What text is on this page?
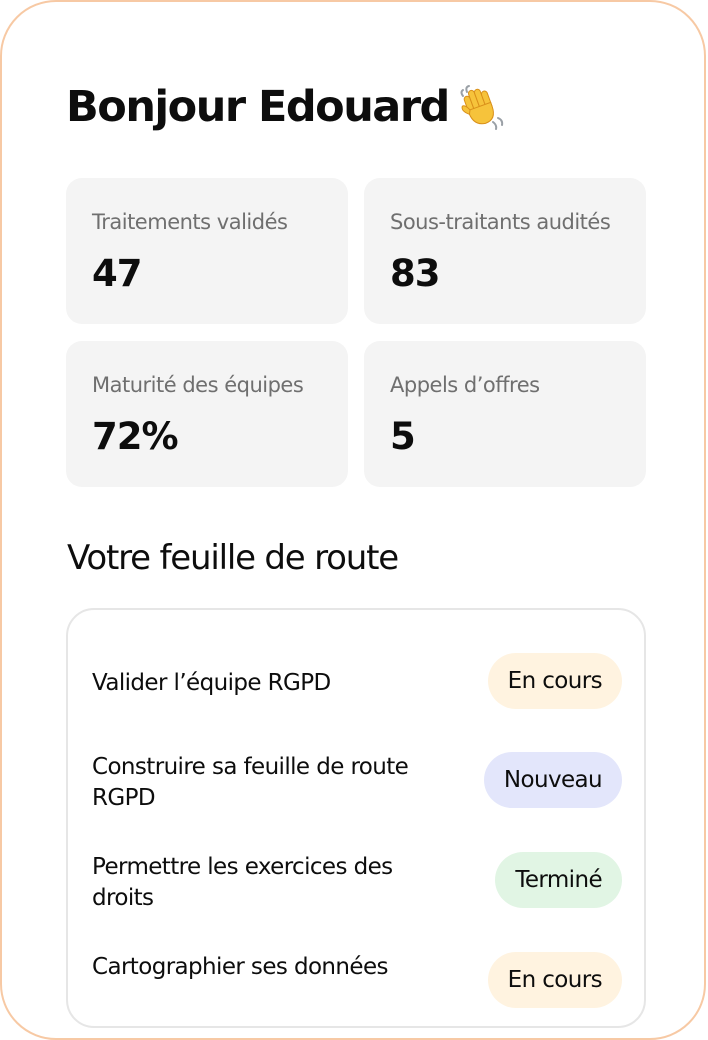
Bonjour Edouard
Traitements validés
47
Sous-traitants audités
83
Maturité des équipes
72%
Appels d’offres
5
Votre feuille de route
Valider l’équipe RGPD	En cours
Construire sa feuille de route RGPD
Nouveau
Permettre les exercices des droits
Terminé
Cartographier ses données	En cours
